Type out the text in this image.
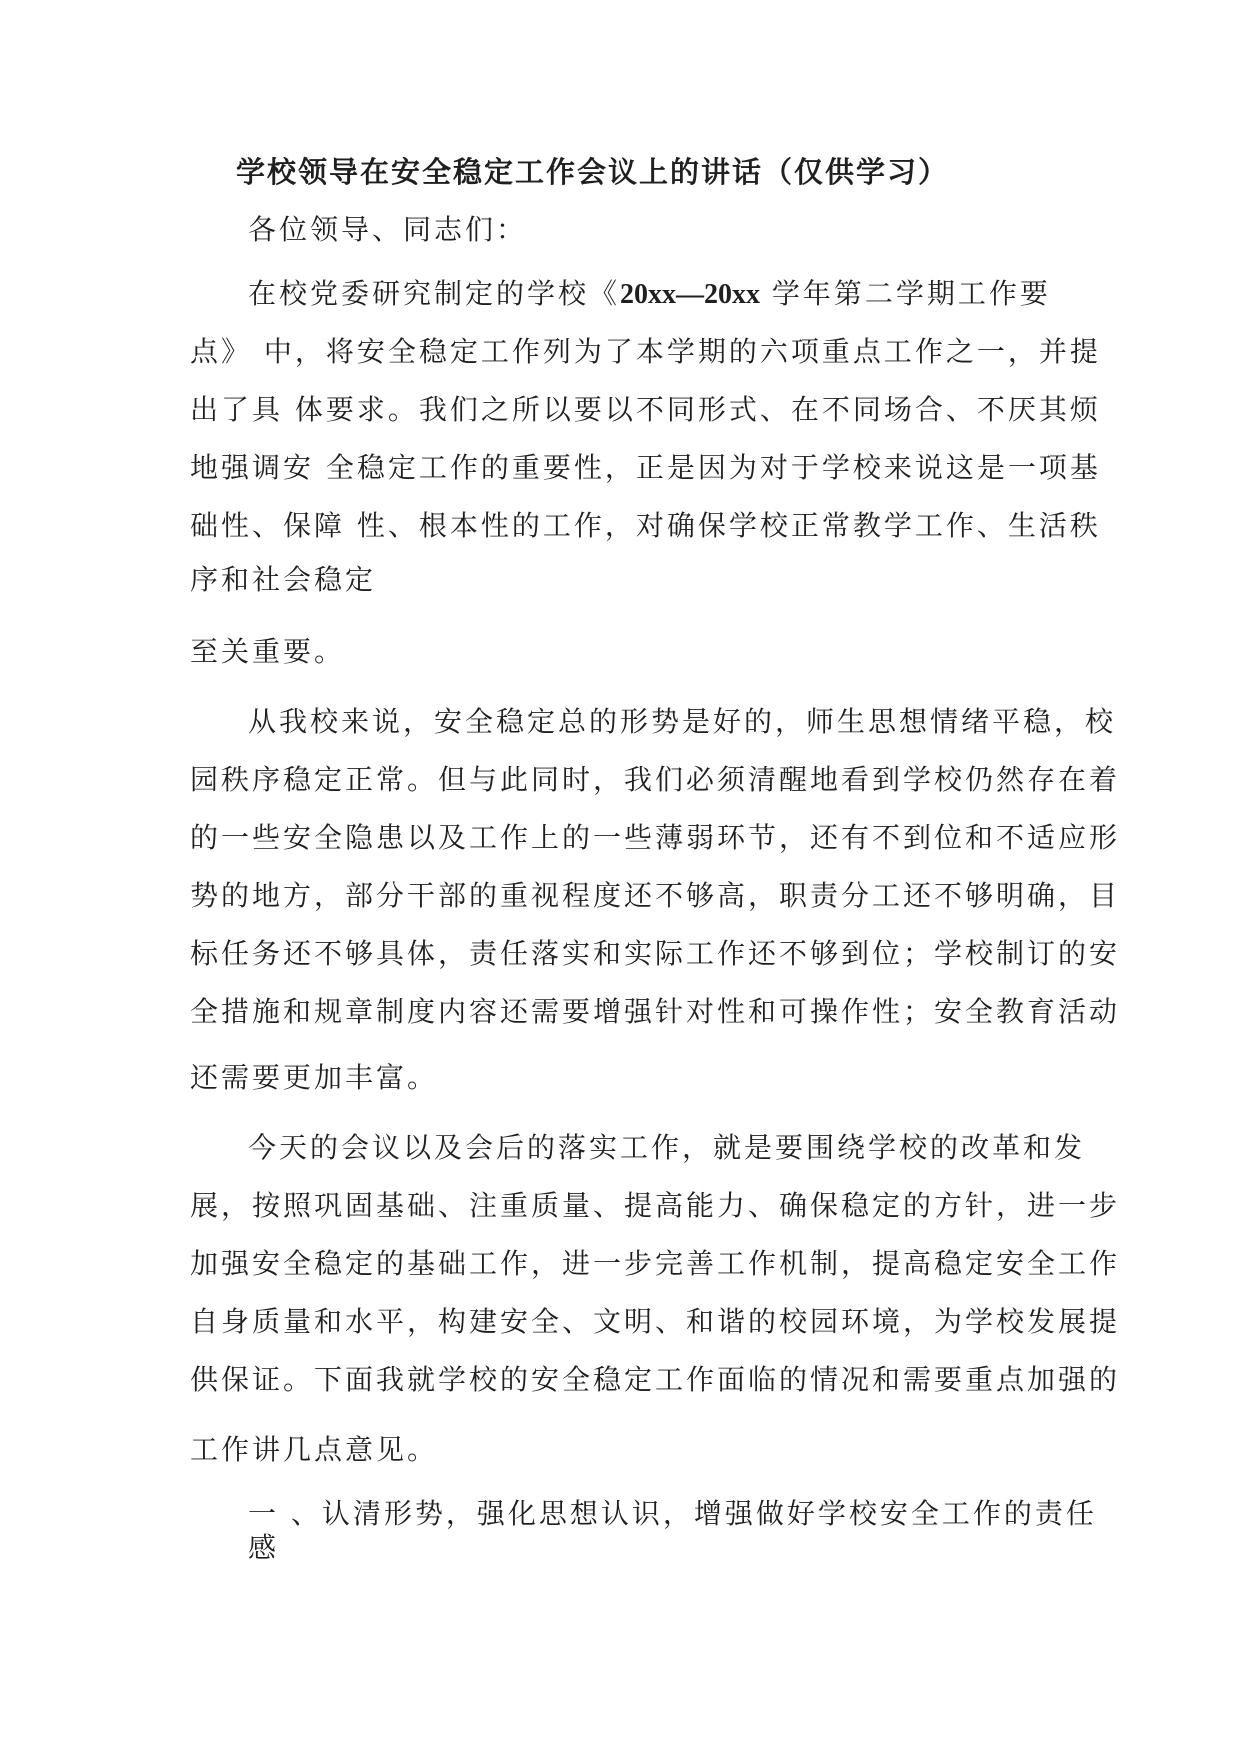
学校领导在安全稳定工作会议上的讲话（仅供学习）
各位领导、同志们：
在校党委研究制定的学校《20xx—20xx 学年第二学期工作要
点》 中，将安全稳定工作列为了本学期的六项重点工作之一，并提
出了具 体要求。我们之所以要以不同形式、在不同场合、不厌其烦
地强调安 全稳定工作的重要性，正是因为对于学校来说这是一项基
础性、保障 性、根本性的工作，对确保学校正常教学工作、生活秩
序和社会稳定
至关重要。
从我校来说，安全稳定总的形势是好的，师生思想情绪平稳，校
园秩序稳定正常。但与此同时，我们必须清醒地看到学校仍然存在着
的一些安全隐患以及工作上的一些薄弱环节，还有不到位和不适应形
势的地方，部分干部的重视程度还不够高，职责分工还不够明确，目
标任务还不够具体，责任落实和实际工作还不够到位；学校制订的安
全措施和规章制度内容还需要增强针对性和可操作性；安全教育活动
还需要更加丰富。
今天的会议以及会后的落实工作，就是要围绕学校的改革和发
展，按照巩固基础、注重质量、提高能力、确保稳定的方针，进一步
加强安全稳定的基础工作，进一步完善工作机制，提高稳定安全工作
自身质量和水平，构建安全、文明、和谐的校园环境，为学校发展提
供保证。下面我就学校的安全稳定工作面临的情况和需要重点加强的
工作讲几点意见。
一 、认清形势，强化思想认识，增强做好学校安全工作的责任
感
